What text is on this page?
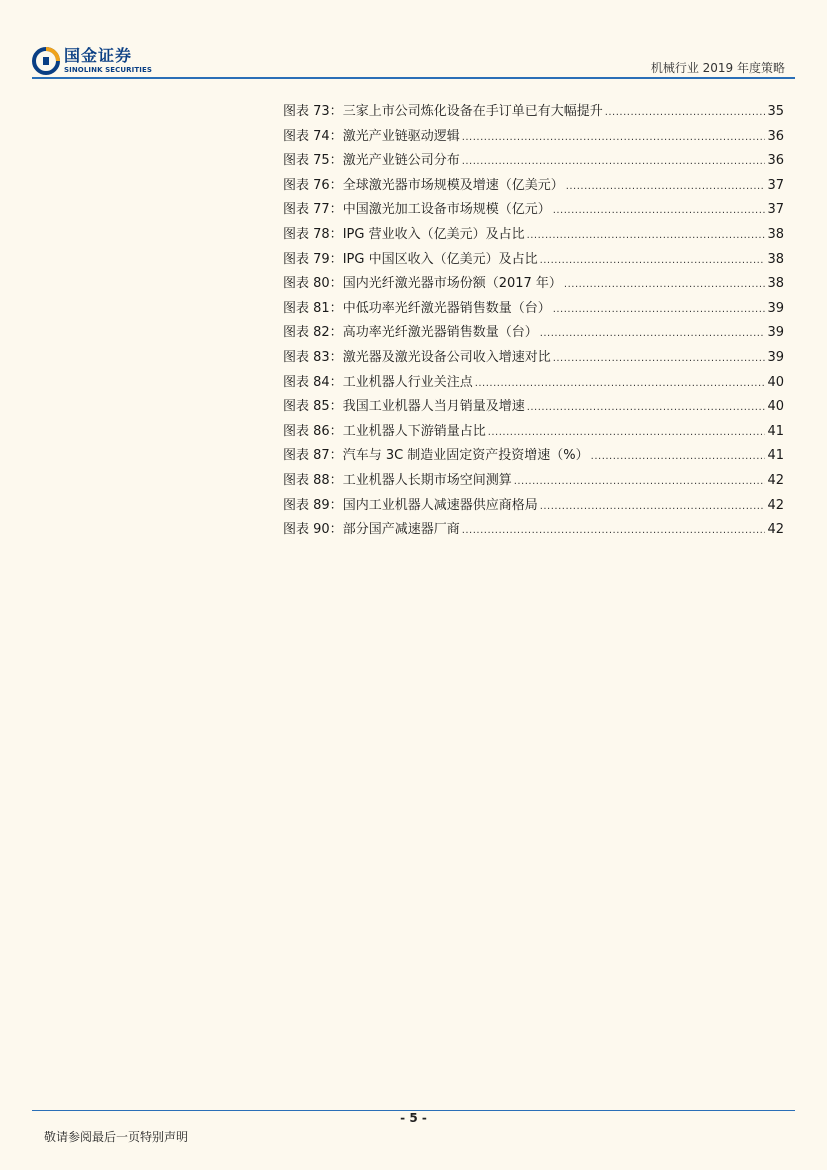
国金证券
SINOLINK SECURITIES	机械行业 2019 年度策略
图表 73： 三家上市公司炼化设备在手订单已有大幅提升 .....	35
图表 74： 激光产业链驱动逻辑 .....	36
图表 75： 激光产业链公司分布 .....	36
图表 76： 全球激光器市场规模及增速（亿美元） .....	37
图表 77： 中国激光加工设备市场规模（亿元） .....	37
图表 78： IPG 营业收入（亿美元）及占比 .....	38
图表 79： IPG 中国区收入（亿美元）及占比 .....	38
图表 80： 国内光纤激光器市场份额（2017 年） .....	38
图表 81： 中低功率光纤激光器销售数量（台） .....	39
图表 82： 高功率光纤激光器销售数量（台） .....	39
图表 83： 激光器及激光设备公司收入增速对比 .....	39
图表 84： 工业机器人行业关注点 .....	40
图表 85： 我国工业机器人当月销量及增速 .....	40
图表 86： 工业机器人下游销量占比 .....	41
图表 87： 汽车与 3C 制造业固定资产投资增速（%） .....	41
图表 88： 工业机器人长期市场空间测算 .....	42
图表 89： 国内工业机器人减速器供应商格局 .....	42
图表 90： 部分国产减速器厂商 .....	42
- 5 -
敬请参阅最后一页特别声明
